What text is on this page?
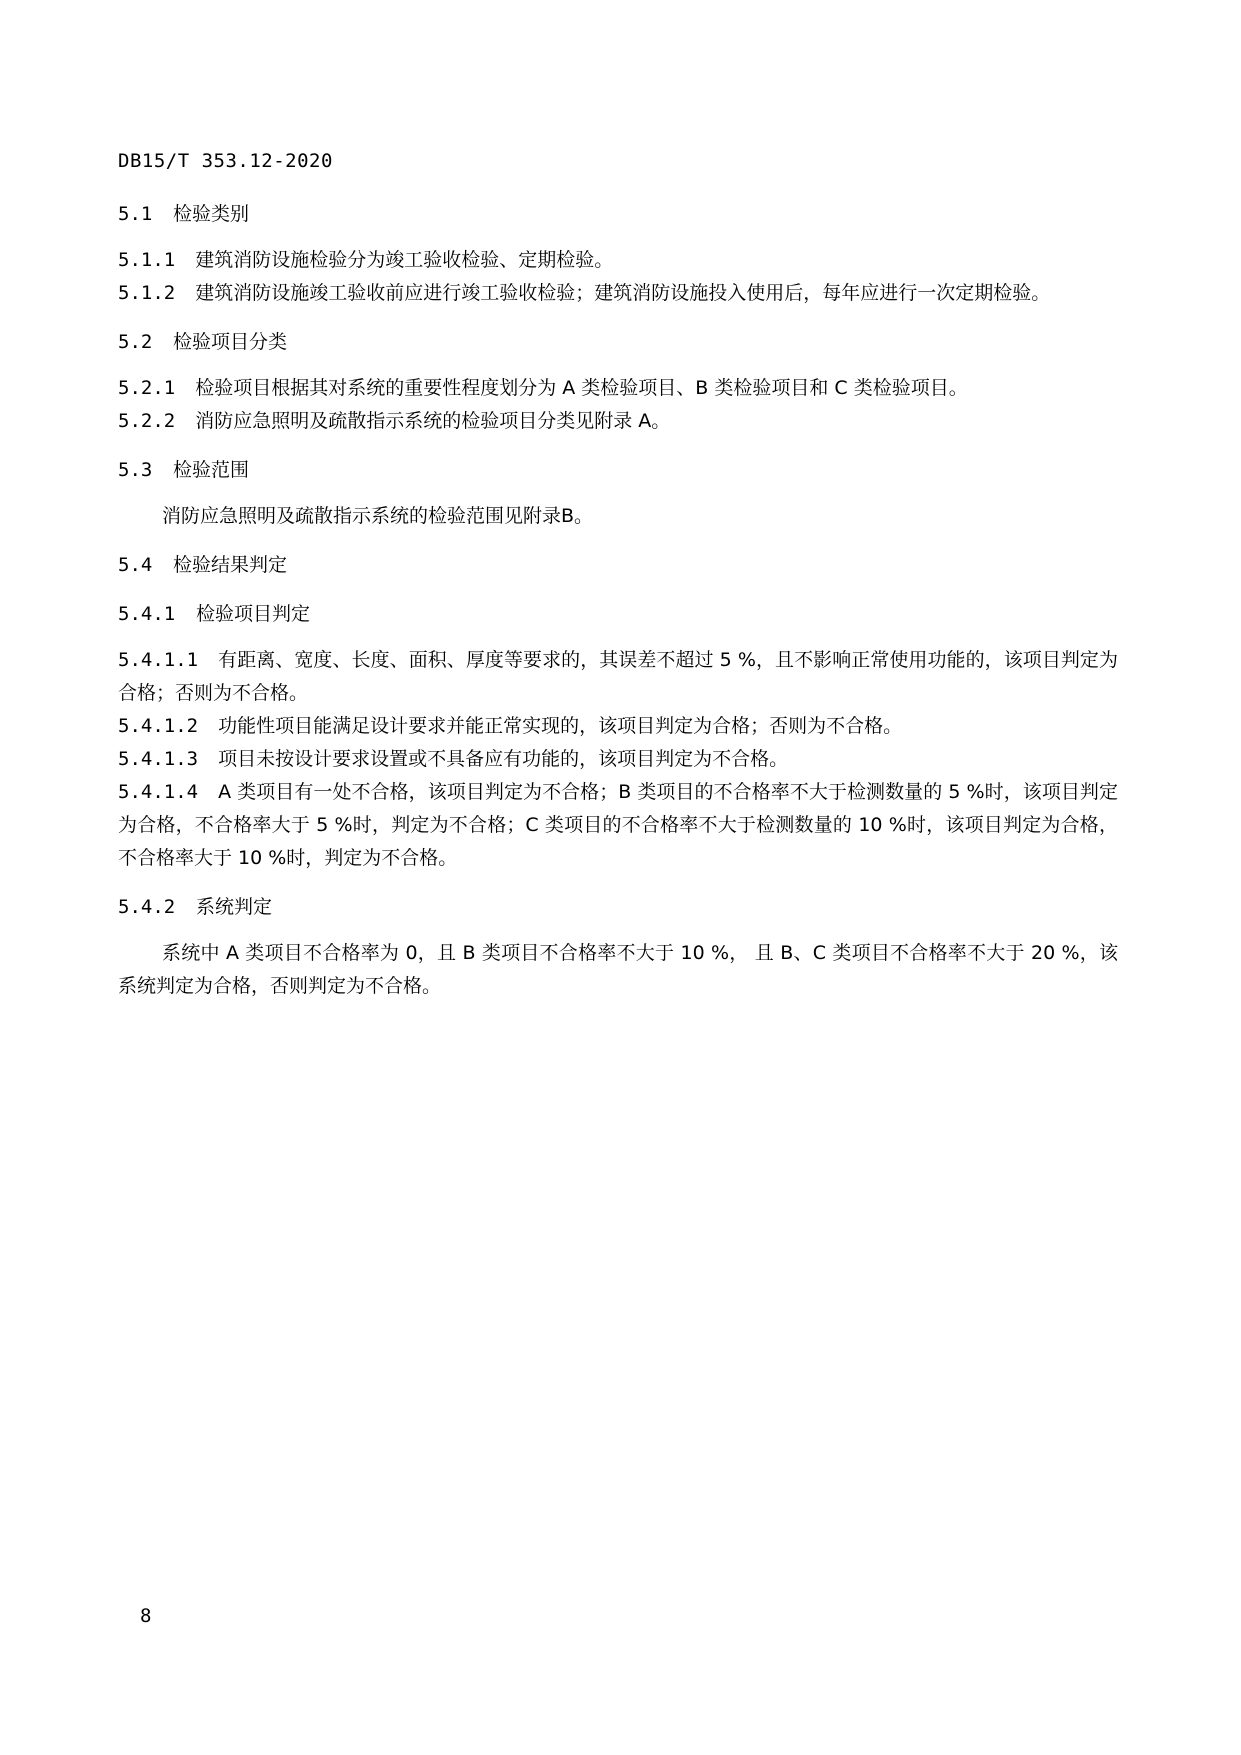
DB15/T 353.12-2020
5.1	检验类别

5.1.1 建筑消防设施检验分为竣工验收检验、定期检验。

5.1.2 建筑消防设施竣工验收前应进行竣工验收检验；建筑消防设施投入使用后，每年应进行一次定期检验。

5.2	检验项目分类

5.2.1 检验项目根据其对系统的重要性程度划分为 A 类检验项目、B 类检验项目和 C 类检验项目。

5.2.2 消防应急照明及疏散指示系统的检验项目分类见附录 A。

5.3	检验范围

消防应急照明及疏散指示系统的检验范围见附录B。

5.4	检验结果判定
5.4.1	检验项目判定

5.4.1.1 有距离、宽度、长度、面积、厚度等要求的，其误差不超过 5 %，且不影响正常使用功能的，该项目判定为合格；否则为不合格。

5.4.1.2 功能性项目能满足设计要求并能正常实现的，该项目判定为合格；否则为不合格。

5.4.1.3 项目未按设计要求设置或不具备应有功能的，该项目判定为不合格。

5.4.1.4 A 类项目有一处不合格，该项目判定为不合格；B 类项目的不合格率不大于检测数量的 5 %时，该项目判定为合格，不合格率大于 5 %时，判定为不合格；C 类项目的不合格率不大于检测数量的 10 %时，该项目判定为合格，不合格率大于 10 %时，判定为不合格。

5.4.2	系统判定

系统中 A 类项目不合格率为 0，且 B 类项目不合格率不大于 10 %， 且 B、C 类项目不合格率不大于 20 %，该系统判定为合格，否则判定为不合格。

8
